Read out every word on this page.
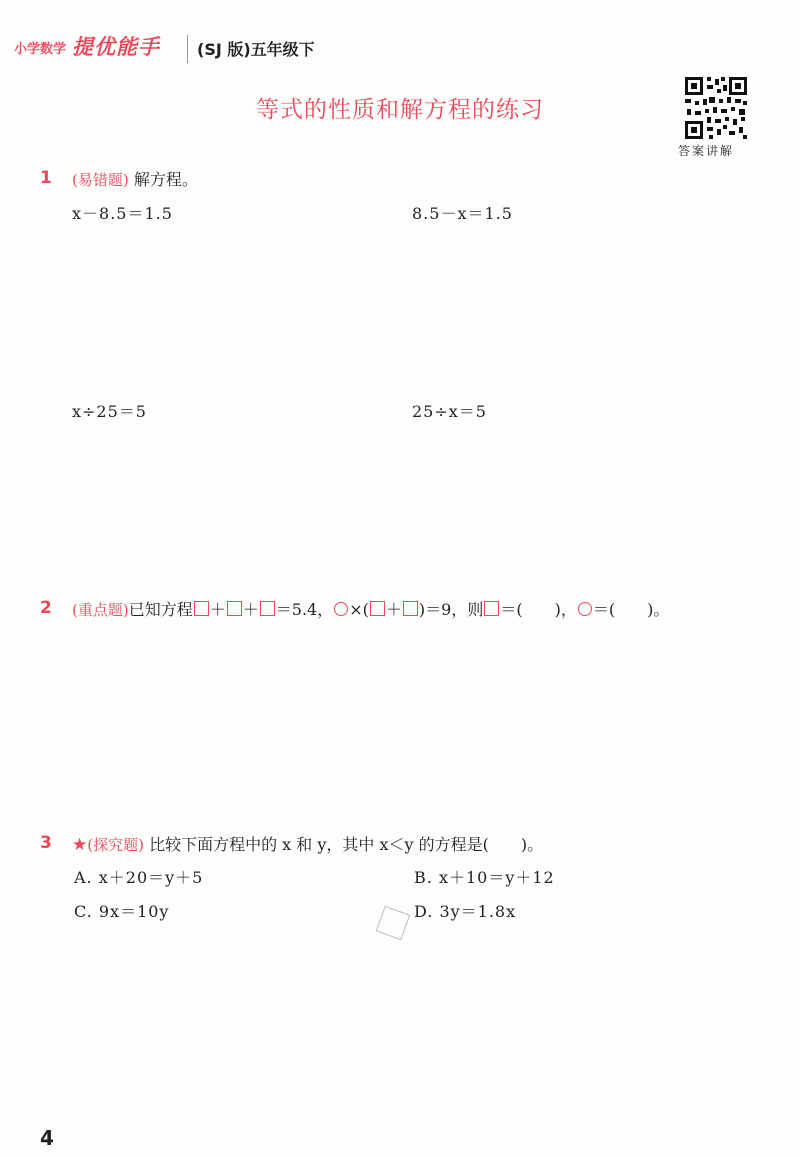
小学数学 提优能手 (SJ 版)五年级下
等式的性质和解方程的练习
答案讲解
1 (易错题) 解方程。
x－8.5＝1.5	8.5－x＝1.5
x÷25＝5	25÷x＝5
2 (重点题)已知方程 ＋ ＋ ＝5.4， ×( ＋ )＝9，则 ＝(　　)， ＝(　　)。
3 ★(探究题) 比较下面方程中的 x 和 y，其中 x＜y 的方程是(　　)。
A. x＋20＝y＋5	B. x＋10＝y＋12
C. 9x＝10y	D. 3y＝1.8x
4
